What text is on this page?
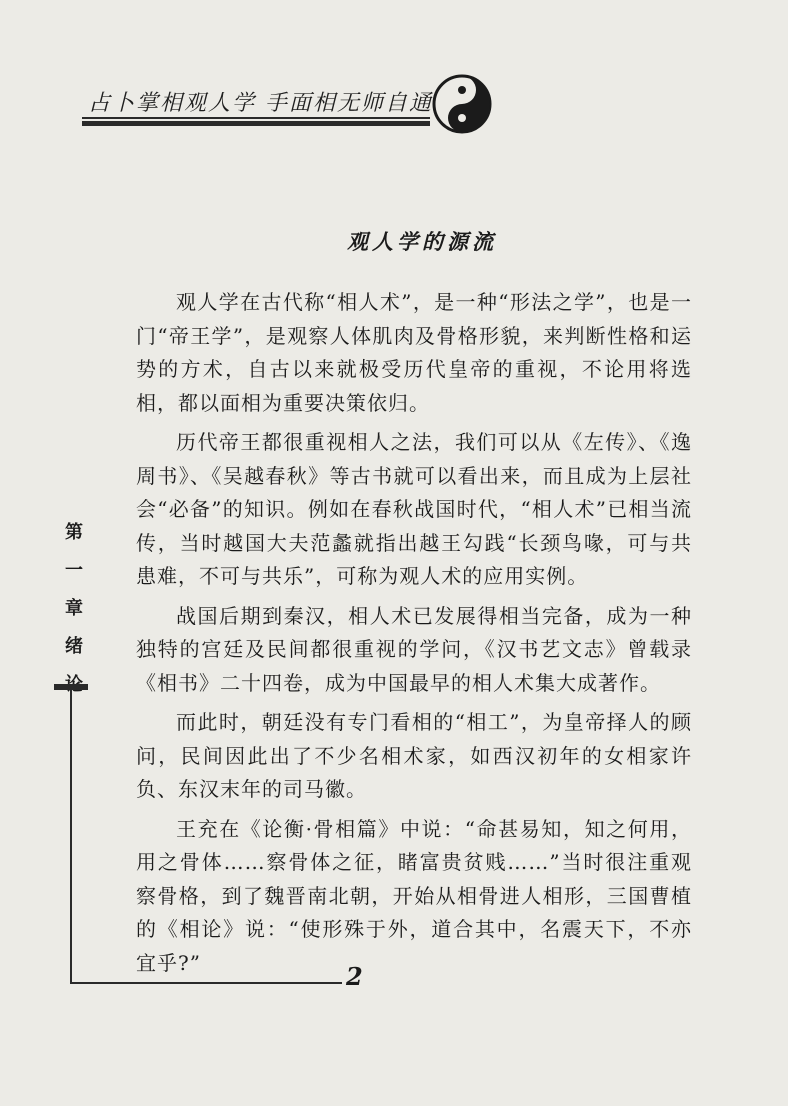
占卜掌相观人学 手面相无师自通
观人学的源流

观人学在古代称“相人术”，是一种“形法之学”，也是一门“帝王学”，是观察人体肌肉及骨格形貌，来判断性格和运势的方术，自古以来就极受历代皇帝的重视，不论用将选相，都以面相为重要决策依归。

历代帝王都很重视相人之法，我们可以从《左传》、《逸周书》、《吴越春秋》等古书就可以看出来，而且成为上层社会“必备”的知识。例如在春秋战国时代，“相人术”已相当流传，当时越国大夫范蠡就指出越王勾践“长颈鸟喙，可与共患难，不可与共乐”，可称为观人术的应用实例。

战国后期到秦汉，相人术已发展得相当完备，成为一种独特的宫廷及民间都很重视的学问，《汉书艺文志》曾载录《相书》二十四卷，成为中国最早的相人术集大成著作。

而此时，朝廷没有专门看相的“相工”，为皇帝择人的顾问，民间因此出了不少名相术家，如西汉初年的女相家许负、东汉末年的司马徽。

王充在《论衡·骨相篇》中说：“命甚易知，知之何用，用之骨体……察骨体之征，睹富贵贫贱……”当时很注重观察骨格，到了魏晋南北朝，开始从相骨进人相形，三国曹植的《相论》说：“使形殊于外，道合其中，名震天下，不亦宜乎?”

第
一
章
绪
2
